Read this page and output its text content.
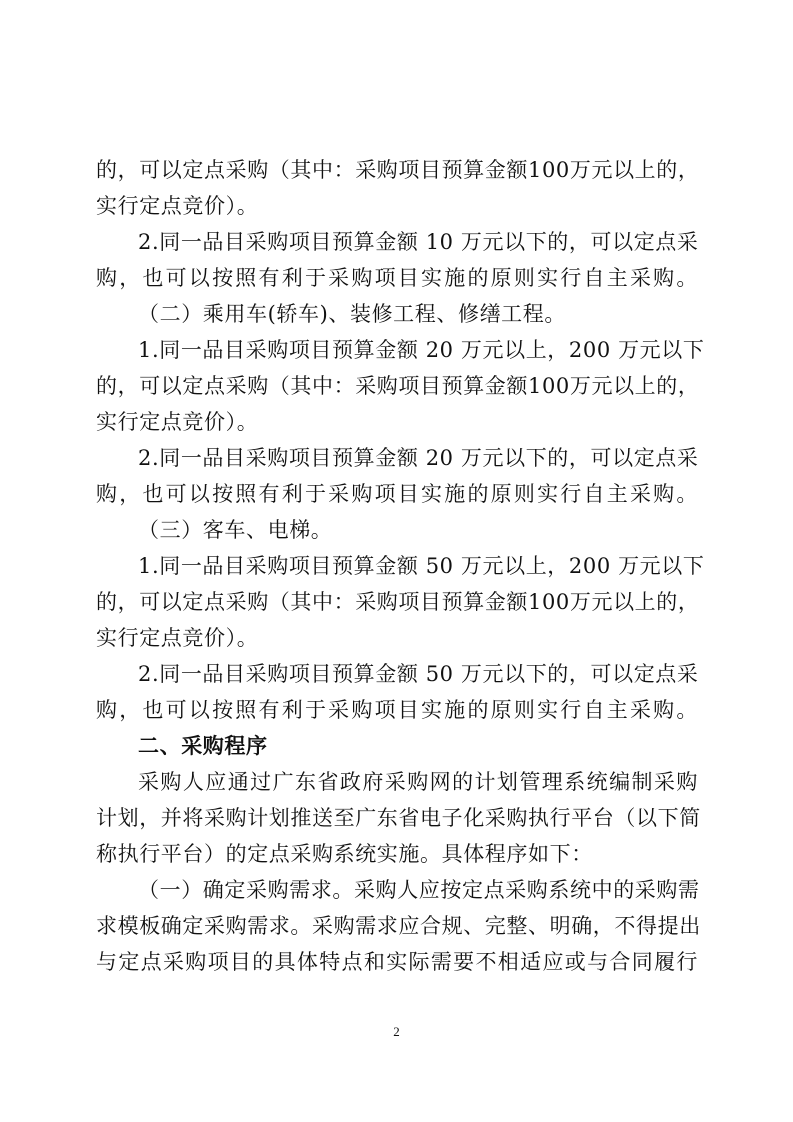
的，可以定点采购（其中：采购项目预算金额100万元以上的，
实行定点竞价）。
2.同一品目采购项目预算金额 10 万元以下的，可以定点采
购，也可以按照有利于采购项目实施的原则实行自主采购。
（二）乘用车(轿车)、装修工程、修缮工程。
1.同一品目采购项目预算金额 20 万元以上，200 万元以下
的，可以定点采购（其中：采购项目预算金额100万元以上的，
实行定点竞价）。
2.同一品目采购项目预算金额 20 万元以下的，可以定点采
购，也可以按照有利于采购项目实施的原则实行自主采购。
（三）客车、电梯。
1.同一品目采购项目预算金额 50 万元以上，200 万元以下
的，可以定点采购（其中：采购项目预算金额100万元以上的，
实行定点竞价）。
2.同一品目采购项目预算金额 50 万元以下的，可以定点采
购，也可以按照有利于采购项目实施的原则实行自主采购。
二、采购程序
采购人应通过广东省政府采购网的计划管理系统编制采购
计划，并将采购计划推送至广东省电子化采购执行平台（以下简
称执行平台）的定点采购系统实施。具体程序如下：
（一）确定采购需求。采购人应按定点采购系统中的采购需
求模板确定采购需求。采购需求应合规、完整、明确，不得提出
与定点采购项目的具体特点和实际需要不相适应或与合同履行
2
